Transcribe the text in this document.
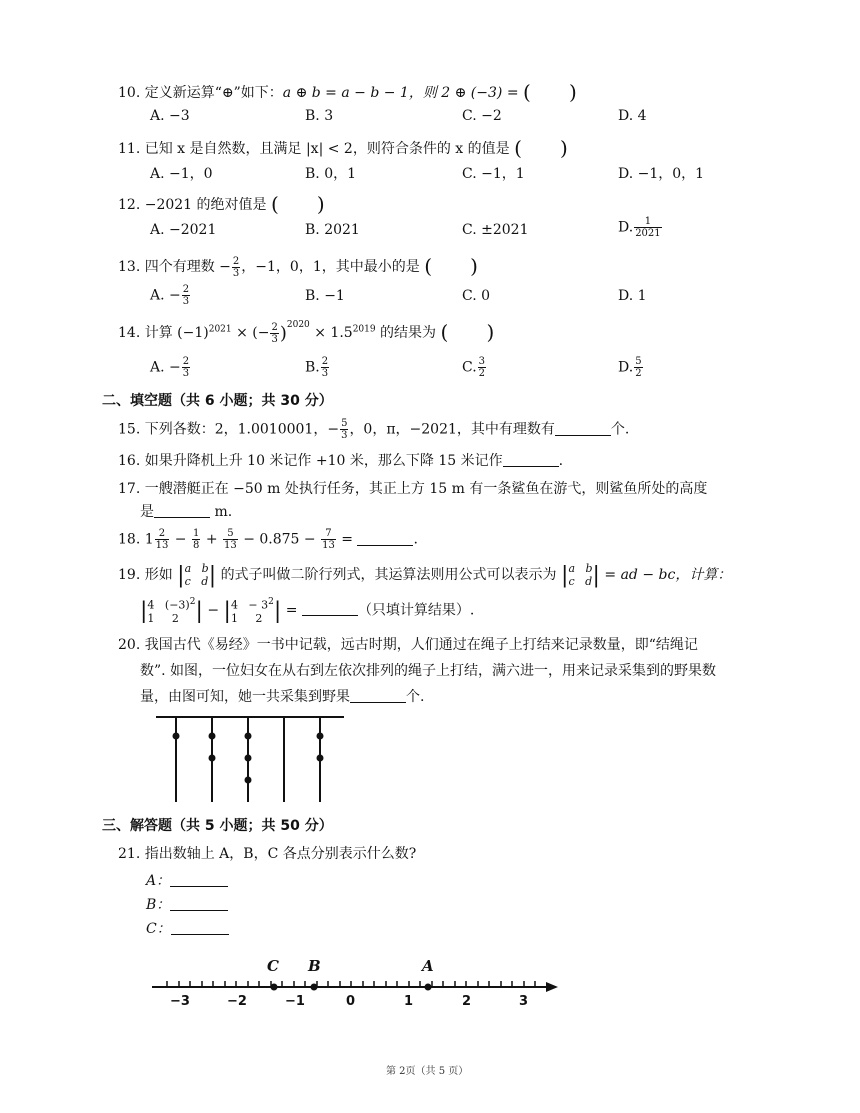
10. 定义新运算“⊕”如下：a ⊕ b = a − b − 1，则 2 ⊕ (−3) = (      )
A. −3	B. 3	C. −2	D. 4
11. 已知 x 是自然数，且满足 |x| < 2，则符合条件的 x 的值是 (      )
A. −1，0	B. 0，1	C. −1，1	D. −1，0，1
12. −2021 的绝对值是 (      )
A. −2021	B. 2021	C. ±2021	D. $\frac{1}{2021}$
13. 四个有理数 − $\frac{2}{3}$ ，−1，0，1，其中最小的是 (      )
A. − $\frac{2}{3}$	B. −1	C. 0	D. 1
14. 计算 $(-1)^{2021}$ × (− $\frac{2}{3} )^{2020} \times 1.5^{2019}$ 的结果为 (      )
A. − $\frac{2}{3}$	B. $\frac{2}{3}$	C. $\frac{3}{2}$	D. $\frac{5}{2}$
二、填空题（共 6 小题；共 30 分）
15. 下列各数：2，1.0010001，− $\frac{5}{3}$ ，0，π，−2021，其中有理数有	个.
16. 如果升降机上升 10 米记作 +10 米，那么下降 15 米记作	.
17. 一艘潜艇正在 −50 m 处执行任务，其正上方 15 m 有一条鲨鱼在游弋，则鲨鱼所处的高度
是	m.
18. $1 \frac{2}{13} - \frac{1}{8} + \frac{5}{13} - 0.875 - \frac{7}{13}$ =	.
19. 形如 |a   b
c   d| 的式子叫做二阶行列式，其运算法则用公式可以表示为 |a   b
c   d| = ad − bc，计算：
|4   $(-3)^2$
1     2 | − $|4 - 3^2$
1     2 | =	（只填计算结果）.
20. 我国古代《易经》一书中记载，远古时期，人们通过在绳子上打结来记录数量，即“结绳记
数”. 如图，一位妇女在从右到左依次排列的绳子上打结，满六进一，用来记录采集到的野果数
量，由图可知，她一共采集到野果	个.
三、解答题（共 5 小题；共 50 分）
21. 指出数轴上 A，B，C 各点分别表示什么数?
A：
B：
C：
C B	A
−3	−2	−1	0	1	2	3
第 2页（共 5 页）
